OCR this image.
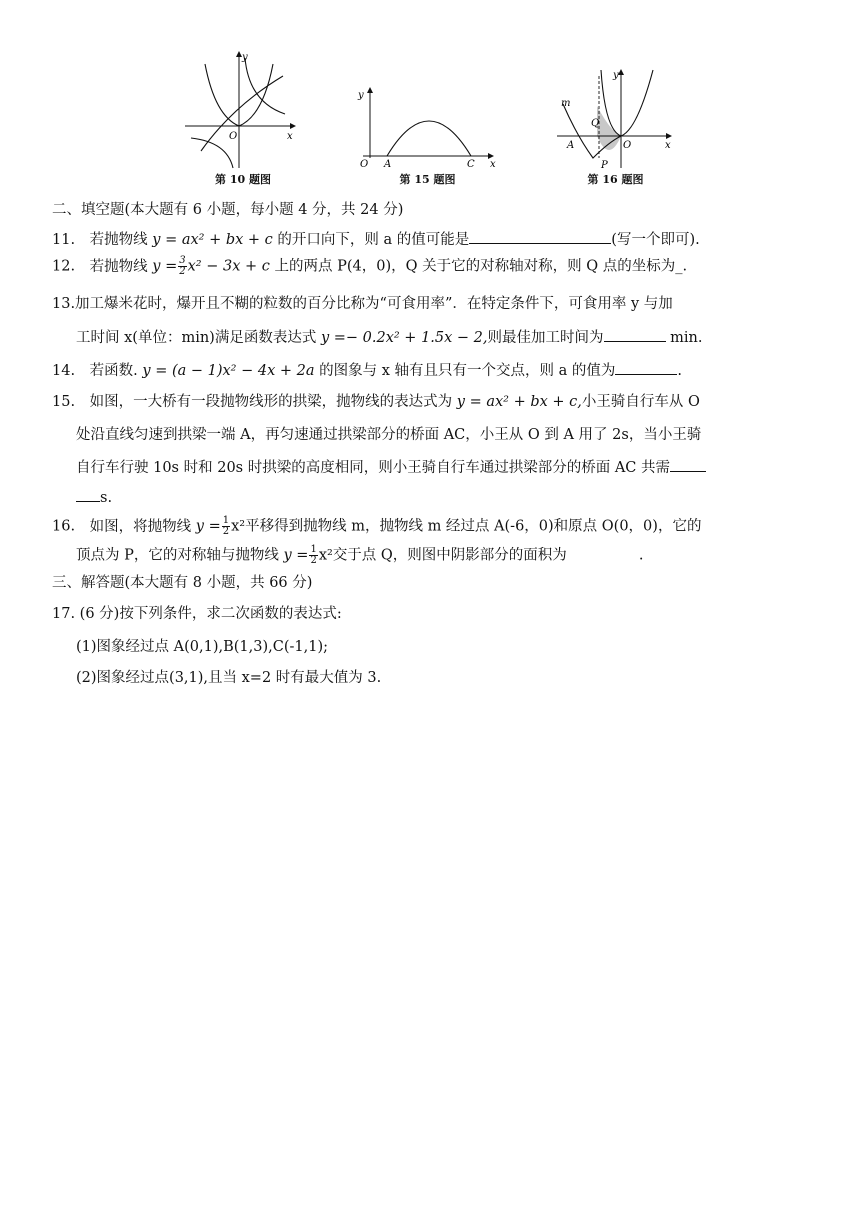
y
x
O
第 10 题图
y
x
O A	C
第 15 题图
y
x
O
A
m
P
Q
第 16 题图
二、填空题(本大题有 6 小题，每小题 4 分，共 24 分)
11. 若抛物线 y = ax² + bx + c 的开口向下，则 a 的值可能是	(写一个即可).
12. 若抛物线 $y = \frac{3}{2} x^2 - 3x + c$ 上的两点 P(4，0)，Q 关于它的对称轴对称，则 Q 点的坐标为_.
13.加工爆米花时，爆开且不糊的粒数的百分比称为“可食用率”．在特定条件下，可食用率 y 与加
工时间 x(单位：min)满足函数表达式 y =− 0.2x² + 1.5x − 2,则最佳加工时间为	min.
14. 若函数. y = (a − 1)x² − 4x + 2a 的图象与 x 轴有且只有一个交点，则 a 的值为	.
15. 如图，一大桥有一段抛物线形的拱梁，抛物线的表达式为 y = ax² + bx + c,小王骑自行车从 O
处沿直线匀速到拱梁一端 A，再匀速通过拱梁部分的桥面 AC，小王从 O 到 A 用了 2s，当小王骑
自行车行驶 10s 时和 20s 时拱梁的高度相同，则小王骑自行车通过拱梁部分的桥面 AC 共需
s.
16. 如图，将抛物线 $y = \frac{1}{2} x^2$平移得到抛物线 m，抛物线 m 经过点 A(-6，0)和原点 O(0，0)，它的
顶点为 P，它的对称轴与抛物线 $y = \frac{1}{2} x^2$交于点 Q，则图中阴影部分的面积为	.
三、解答题(本大题有 8 小题，共 66 分)
17. (6 分)按下列条件，求二次函数的表达式:
(1)图象经过点 A(0,1),B(1,3),C(-1,1);
(2)图象经过点(3,1),且当 x=2 时有最大值为 3.
